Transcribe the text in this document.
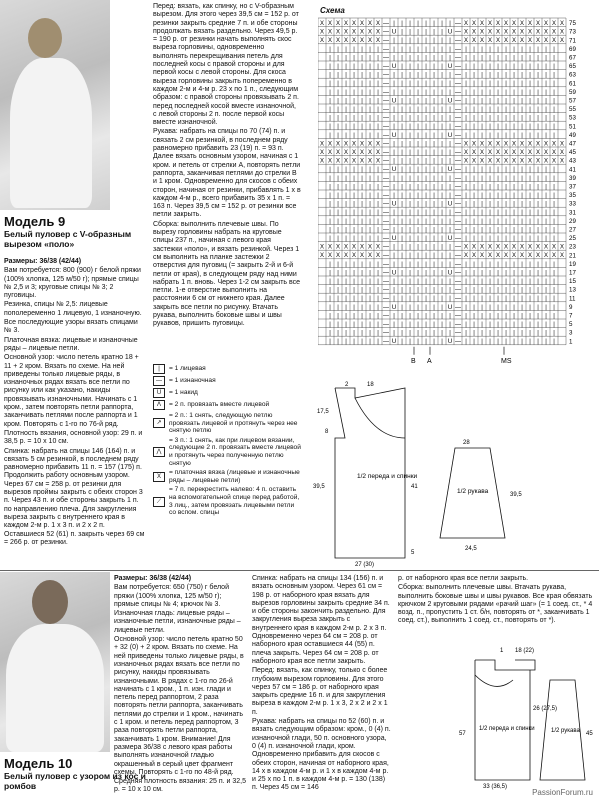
Модель 9
Белый пуловер с V-образным вырезом «поло»

Размеры: 36/38 (42/44)

Вам потребуется: 800 (900) г белой пряжи (100% хлопка, 125 м/50 г); прямые спицы № 2,5 и 3; круговые спицы № 3; 2 пуговицы.

Резинка, спицы № 2,5: лицевые пополеременно 1 лицевую, 1 изнаночную.

Все последующие узоры вязать спицами № 3.

Платочная вязка: лицевые и изнаночные ряды – лицевые петли.

Основной узор: число петель кратно 18 + 11 + 2 кром. Вязать по схеме. На ней приведены только лицевые ряды, в изнаночных рядах вязать все петли по рисунку или как указано, накиды провязывать изнаночными. Начинать с 1 кром., затем повторять петли раппорта, заканчивать петлями после раппорта и 1 кром. Повторять с 1-го по 76-й ряд.

Плотность вязания, основной узор: 29 п. и 38,5 р. = 10 х 10 см.

Спинка: набрать на спицы 146 (164) п. и связать 5 см резинкой, в последнем ряду равномерно прибавить 11 п. = 157 (175) п. Продолжить работу основным узором. Через 67 см = 258 р. от резинки для вырезов проймы закрыть с обеих сторон 3 п. Через 43 п. и обе стороны закрыть 1 п. по направлению плеча. Для закругления выреза закрыть с внутреннего края в каждом 2-м р. 1 х 3 п. и 2 х 2 п. Оставшиеся 52 (61) п. закрыть через 69 см = 266 р. от резинки.

Перед: вязать, как спинку, но с V-образным вырезом. Для этого через 39,5 см = 152 р. от резинки закрыть средние 7 п. и обе стороны продолжать вязать раздельно. Через 49,5 р. = 190 р. от резинки начать выполнять скос выреза горловины, одновременно выполнять перекрещивания петель для последней косы с правой стороны и для первой косы с левой стороны. Для скоса выреза горловины закрыть попеременно в каждом 2-м и 4-м р. 23 х по 1 п., следующим образом: с правой стороны провязывать 2 п. перед последней косой вместе изнаночной, с левой стороны 2 п. после первой косы вместе изнаночной.

Рукава: набрать на спицы по 70 (74) п. и связать 2 см резинкой, в последнем ряду равномерно прибавить 23 (19) п. = 93 п. Далее вязать основным узором, начиная с 1 кром. и петель от стрелки А, повторять петли раппорта, заканчивая петлями до стрелки В и 1 кром. Одновременно для скосов с обеих сторон, начиная от резинки, прибавлять 1 х в каждом 4-м р., всего прибавить 35 х 1 п. = 163 п. Через 39,5 см = 152 р. от резинки все петли закрыть.

Сборка: выполнить плечевые швы. По вырезу горловины набрать на круговые спицы 237 п., начиная с левого края застежки «поло», и вязать резинкой. Через 1 см выполнить на планке застежки 2 отверстия для пуговиц (= закрыть 2-й и 6-й петли от края), в следующем ряду над ними набрать 1 п. вновь. Через 1-2 см закрыть все петли. 1-е отверстие выполнить на расстоянии 6 см от нижнего края. Далее закрыть все петли по рисунку. Втачать рукава, выполнить боковые швы и швы рукавов, пришить пуговицы.

|	= 1 лицевая
—	= 1 изнаночная
U	= 1 накид
Λ	= 2 п. провязать вместе лицевой
↗
= 2 п.: 1 снять, следующую петлю провязать лицевой и протянуть через нее снятую петлю
⋀
= 3 п.: 1 снять, как при лицевом вязании, следующие 2 п. провязать вместе лицевой и протянуть через полученную петлю снятую
X
= платочная вязка (лицевые и изнаночные ряды – лицевые петли)
⟋
= 7 п. перекрестить налево: 4 п. оставить на вспомогательной спице перед работой, 3 лиц., затем провязать лицевыми петли со вспом. спицы
Схема
X X X X X X X X — | | | | | | | | — X X X X X X X X X X X X X
X X X X X X X X — U | | | | | | U — X X X X X X X X X X X X X
X X X X X X X X — | | | | | | | | — X X X X X X X X X X X X X
| | | | | | | — | | | | | | | | — | | | | | | | | | | | |
| | | | | | | — | | | | | | | | — | | | | | | | | | | | |
| | | | | | | — U | | | | | | U — | | | | | | | | | | | |
| | | | | | | — | | | | | | | | — | | | | | | | | | | | |
| | | | | | | — | | | | | | | | — | | | | | | | | | | | |
| | | | | | | — | | | | | | | | — | | | | | | | | | | | |
| | | | | | | — U | | | | | | U — | | | | | | | | | | | |
| | | | | | | — | | | | | | | | — | | | | | | | | | | | |
| | | | | | | — | | | | | | | | — | | | | | | | | | | | |
| | | | | | | — | | | | | | | | — | | | | | | | | | | | |
| | | | | | | — U | | | | | | U — | | | | | | | | | | | |
X X X X X X X X — | | | | | | | | — X X X X X X X X X X X X X
X X X X X X X X — | | | | | | | | — X X X X X X X X X X X X X
X X X X X X X X — | | | | | | | | — X X X X X X X X X X X X X
| | | | | | | — U | | | | | | U — | | | | | | | | | | | |
| | | | | | | — | | | | | | | | — | | | | | | | | | | | |
| | | | | | | — | | | | | | | | — | | | | | | | | | | | |
| | | | | | | — | | | | | | | | — | | | | | | | | | | | |
| | | | | | | — U | | | | | | U — | | | | | | | | | | | |
| | | | | | | — | | | | | | | | — | | | | | | | | | | | |
| | | | | | | — | | | | | | | | — | | | | | | | | | | | |
| | | | | | | — | | | | | | | | — | | | | | | | | | | | |
| | | | | | | — U | | | | | | U — | | | | | | | | | | | |
X X X X X X X X — | | | | | | | | — X X X X X X X X X X X X X
X X X X X X X X — | | | | | | | | — X X X X X X X X X X X X X
| | | | | | | — | | | | | | | | — | | | | | | | | | | | |
| | | | | | | — U | | | | | | U — | | | | | | | | | | | |
| | | | | | | — | | | | | | | | — | | | | | | | | | | | |
| | | | | | | — | | | | | | | | — | | | | | | | | | | | |
| | | | | | | — | | | | | | | | — | | | | | | | | | | | |
| | | | | | | — U | | | | | | U — | | | | | | | | | | | |
| | | | | | | — | | | | | | | | — | | | | | | | | | | | |
| | | | | | | — | | | | | | | | — | | | | | | | | | | | |
| | | | | | | — | | | | | | | | — | | | | | | | | | | | |
| | | | | | | — U | | | | | | U — | | | | | | | | | | | |
75
73
71
69
67
65
63
61
59
57
55
53
51
49
47
45
43
41
39
37
35
33
31
29
27
25
23
21
19
17
15
13
11
9
7
5
3
1
B A	MS
1/2 переда и спинки
18
2
17,5
8
39,5
27 (30)
41
5
1/2 рукава
28
39,5
24,5
Модель 10
Белый пуловер с узором из кос и ромбов

Размеры: 36/38 (42/44)

Вам потребуется: 650 (750) г белой пряжи (100% хлопка, 125 м/50 г); прямые спицы № 4; крючок № 3.

Изнаночная гладь: лицевые ряды – изнаночные петли, изнаночные ряды – лицевые петли.

Основной узор: число петель кратно 50 + 32 (0) + 2 кром. Вязать по схеме. На ней приведены только лицевые ряды, в изнаночных рядах вязать все петли по рисунку, накиды провязывать изнаночными. В рядах с 1-го по 26-й начинать с 1 кром., 1 п. изн. глади и петель перед раппортом, 2 раза повторять петли раппорта, заканчивать петлями до стрелки и 1 кром., начинать с 1 кром. и петель перед раппортом, 3 раза повторять петли раппорта, заканчивать 1 кром. Внимание! Для размера 36/38 с левого края работы выполнять изнаночной гладью окрашенный в серый цвет фрагмент схемы. Повторять с 1-го по 48-й ряд.

Средняя плотность вязания: 25 п. и 32,5 р. = 10 х 10 см.

Спинка: набрать на спицы 134 (156) п. и вязать основным узором. Через 61 см = 198 р. от наборного края вязать для вырезов горловины закрыть средние 34 п. и обе стороны закончить раздельно. Для закругления выреза закрыть с внутреннего края в каждом 2-м р. 2 х 3 п. Одновременно через 64 см = 208 р. от наборного края оставшиеся 44 (55) п. плеча закрыть. Через 64 см = 208 р. от наборного края все петли закрыть.

Перед: вязать, как спинку, только с более глубоким вырезом горловины. Для этого через 57 см = 186 р. от наборного края закрыть средние 16 п. и для закругления выреза в каждом 2-м р. 1 х 3, 2 х 2 и 2 х 1 п.

Рукава: набрать на спицы по 52 (60) п. и вязать следующим образом: кром., 0 (4) п. изнаночной глади, 50 п. основного узора, 0 (4) п. изнаночной глади, кром. Одновременно прибавить для скосов с обеих сторон, начиная от наборного края, 14 х в каждом 4-м р. и 1 х в каждом 4-м р. и 25 х по 1 п. в каждом 4-м р. = 130 (138) п. Через 45 см = 146

р. от наборного края все петли закрыть.

Сборка: выполнить плечевые швы. Втачать рукава, выполнить боковые швы и швы рукавов. Все края обвязать крючком 2 круговыми рядами «рачий шаг» (= 1 соед. ст., * 4 возд. п., пропустить 1 ст. б/н, повторять от *, заканчивать 1 соед. ст.), выполнить 1 соед. ст., повторять от *).

1/2 переда и спинки	1/2 рукава
1 18 (22)
57
26 (27,5)
33 (36,5)
45
PassionForum.ru
